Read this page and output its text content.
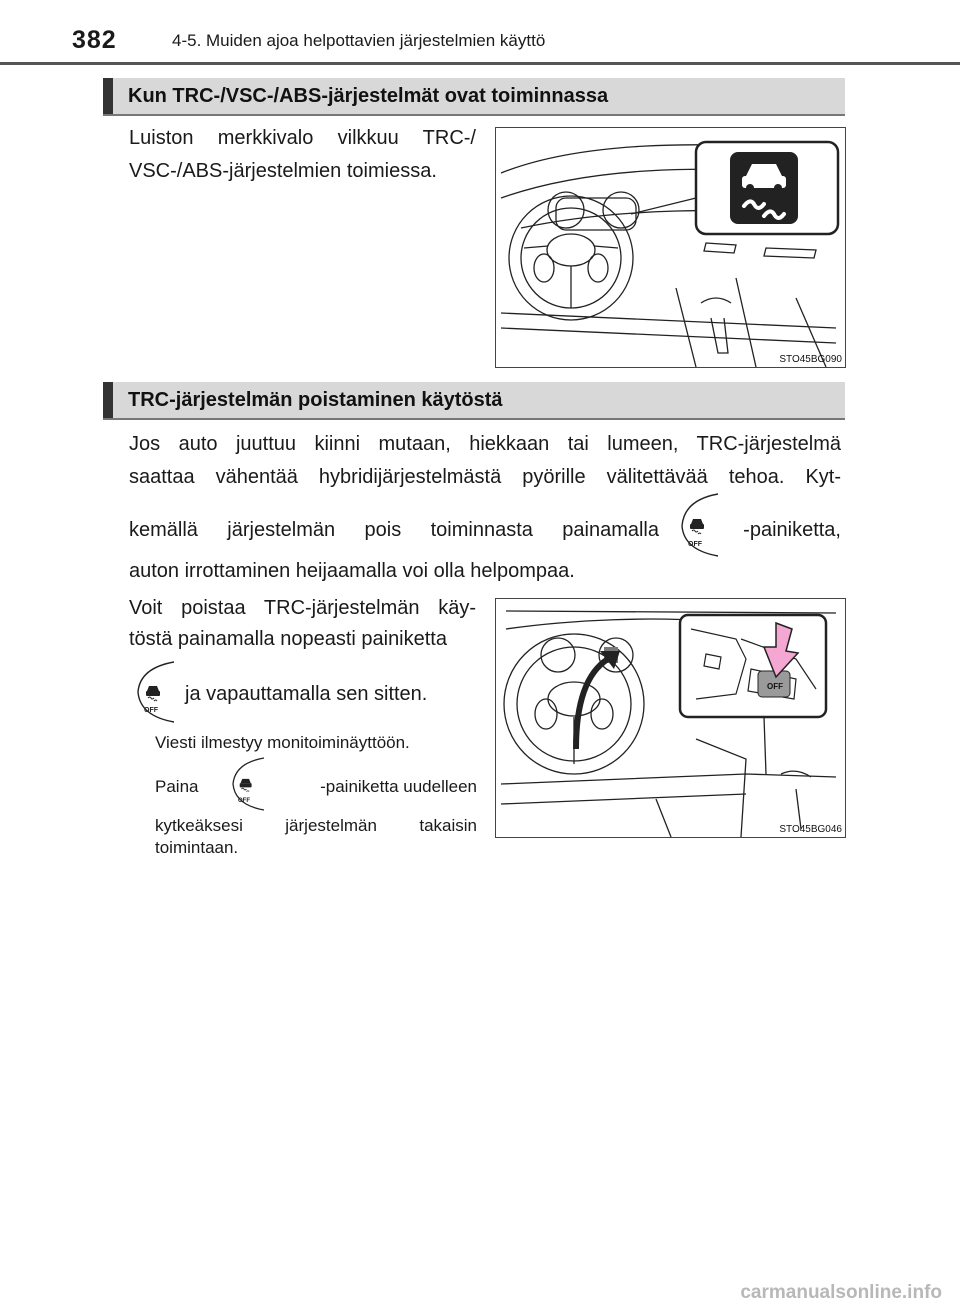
382	4-5. Muiden ajoa helpottavien järjestelmien käyttö
Kun TRC-/VSC-/ABS-järjestelmät ovat toiminnassa
Luiston merkkivalo vilkkuu TRC-/
VSC-/ABS-järjestelmien toimiessa.
STO45BG090
TRC-järjestelmän poistaminen käytöstä
Jos auto juuttuu kiinni mutaan, hiekkaan tai lumeen, TRC-järjestelmä
saattaa vähentää hybridijärjestelmästä pyörille välitettävää tehoa. Kyt-
kemällä järjestelmän pois toiminnasta painamalla
OFF
-painiketta,
auton irrottaminen heijaamalla voi olla helpompaa.
Voit poistaa TRC-järjestelmän käy-
töstä painamalla nopeasti painiketta
OFF
ja vapauttamalla sen sitten.
Viesti ilmestyy monitoiminäyttöön.
Paina
OFF
-painiketta uudelleen
kytkeäksesi järjestelmän takaisin
toimintaan.
OFF
STO45BG046
carmanualsonline.info
